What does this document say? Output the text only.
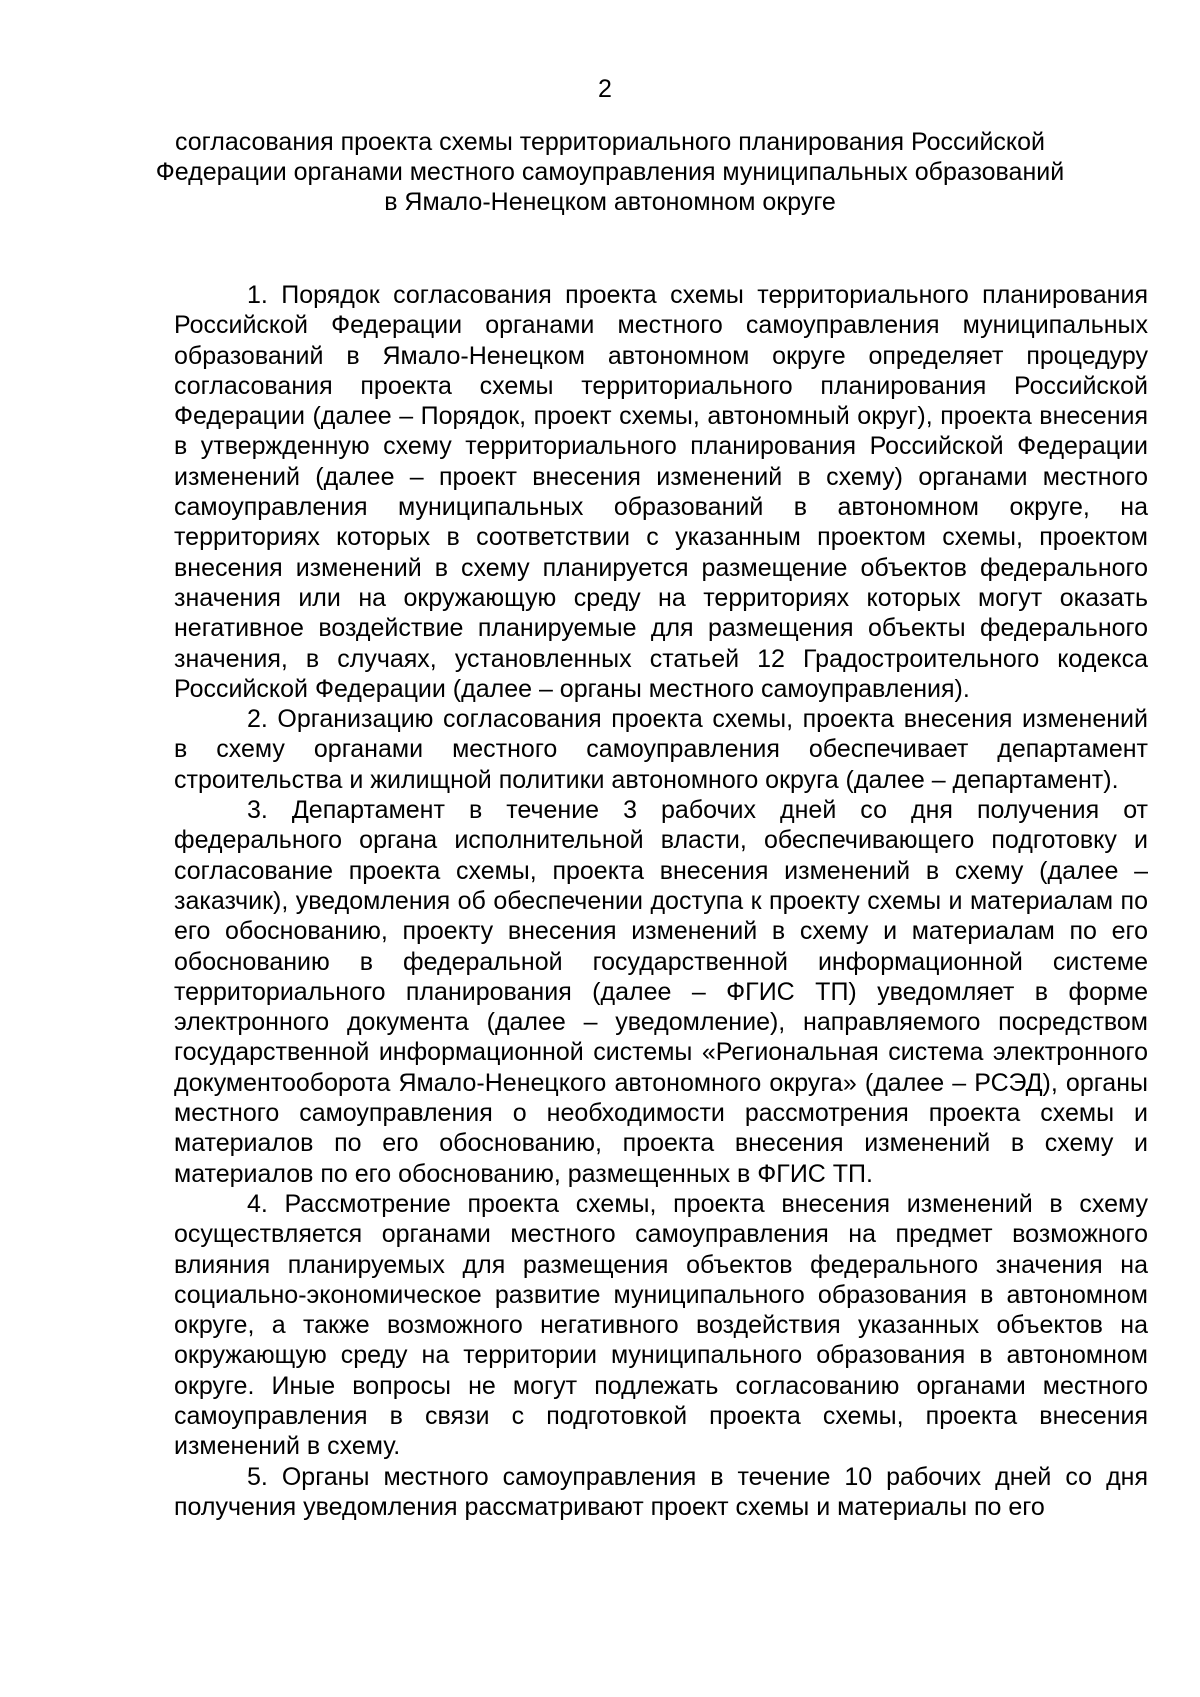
2
согласования проекта схемы территориального планирования Российской
Федерации органами местного самоуправления муниципальных образований
в Ямало-Ненецком автономном округе

1. Порядок согласования проекта схемы территориального планирования Российской Федерации органами местного самоуправления муниципальных образований в Ямало-Ненецком автономном округе определяет процедуру согласования проекта схемы территориального планирования Российской Федерации (далее – Порядок, проект схемы, автономный округ), проекта внесения в утвержденную схему территориального планирования Российской Федерации изменений (далее – проект внесения изменений в схему) органами местного самоуправления муниципальных образований в автономном округе, на территориях которых в соответствии с указанным проектом схемы, проектом внесения изменений в схему планируется размещение объектов федерального значения или на окружающую среду на территориях которых могут оказать негативное воздействие планируемые для размещения объекты федерального значения, в случаях, установленных статьей 12 Градостроительного кодекса Российской Федерации (далее – органы местного самоуправления).

2. Организацию согласования проекта схемы, проекта внесения изменений в схему органами местного самоуправления обеспечивает департамент строительства и жилищной политики автономного округа (далее – департамент).

3. Департамент в течение 3 рабочих дней со дня получения от федерального органа исполнительной власти, обеспечивающего подготовку и согласование проекта схемы, проекта внесения изменений в схему (далее – заказчик), уведомления об обеспечении доступа к проекту схемы и материалам по его обоснованию, проекту внесения изменений в схему и материалам по его обоснованию в федеральной государственной информационной системе территориального планирования (далее – ФГИС ТП) уведомляет в форме электронного документа (далее – уведомление), направляемого посредством государственной информационной системы «Региональная система электронного документооборота Ямало-Ненецкого автономного округа» (далее – РСЭД), органы местного самоуправления о необходимости рассмотрения проекта схемы и материалов по его обоснованию, проекта внесения изменений в схему и материалов по его обоснованию, размещенных в ФГИС ТП.

4. Рассмотрение проекта схемы, проекта внесения изменений в схему осуществляется органами местного самоуправления на предмет возможного влияния планируемых для размещения объектов федерального значения на социально-экономическое развитие муниципального образования в автономном округе, а также возможного негативного воздействия указанных объектов на окружающую среду на территории муниципального образования в автономном округе. Иные вопросы не могут подлежать согласованию органами местного самоуправления в связи с подготовкой проекта схемы, проекта внесения изменений в схему.

5. Органы местного самоуправления в течение 10 рабочих дней со дня получения уведомления рассматривают проект схемы и материалы по его
